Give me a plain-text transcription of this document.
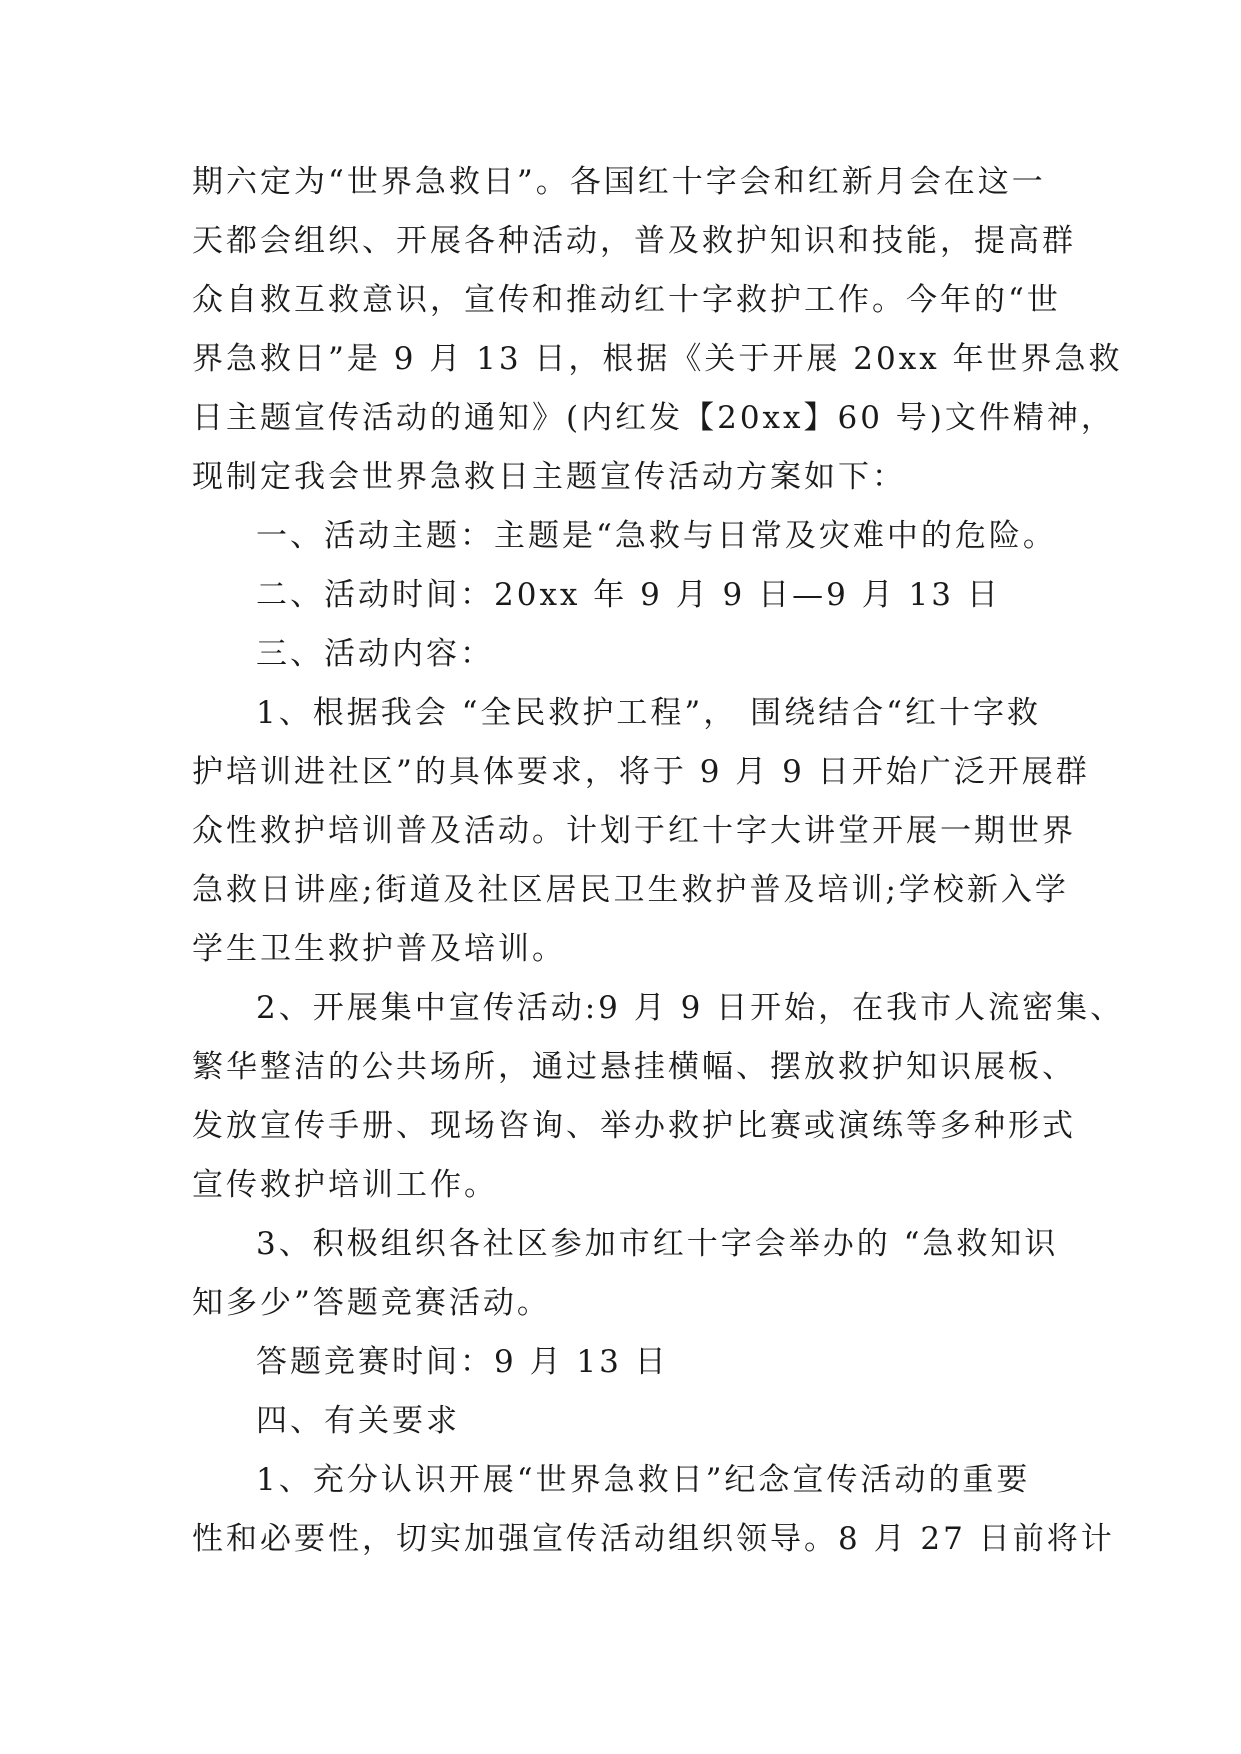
期六定为“世界急救日”。各国红十字会和红新月会在这一
天都会组织、开展各种活动，普及救护知识和技能，提高群
众自救互救意识，宣传和推动红十字救护工作。今年的“世
界急救日”是 9 月 13 日，根据《关于开展 20xx 年世界急救
日主题宣传活动的通知》(内红发【20xx】60 号)文件精神，
现制定我会世界急救日主题宣传活动方案如下：
一、活动主题：主题是“急救与日常及灾难中的危险。
二、活动时间：20xx 年 9 月 9 日—9 月 13 日
三、活动内容：
1、根据我会 “全民救护工程”， 围绕结合“红十字救
护培训进社区”的具体要求，将于 9 月 9 日开始广泛开展群
众性救护培训普及活动。计划于红十字大讲堂开展一期世界
急救日讲座;街道及社区居民卫生救护普及培训;学校新入学
学生卫生救护普及培训。
2、开展集中宣传活动:9 月 9 日开始，在我市人流密集、
繁华整洁的公共场所，通过悬挂横幅、摆放救护知识展板、
发放宣传手册、现场咨询、举办救护比赛或演练等多种形式
宣传救护培训工作。
3、积极组织各社区参加市红十字会举办的 “急救知识
知多少”答题竞赛活动。
答题竞赛时间：9 月 13 日
四、有关要求
1、充分认识开展“世界急救日”纪念宣传活动的重要
性和必要性，切实加强宣传活动组织领导。8 月 27 日前将计
